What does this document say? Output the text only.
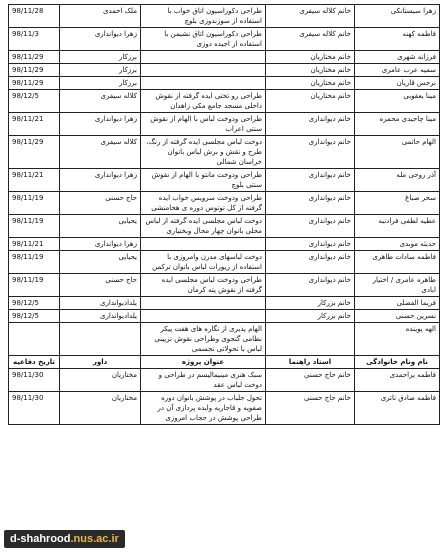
زهرا سیستانکی	خانم کلاله سیفری	طراحی دکوراسیون اتاق خواب با استفاده از سوزندوزی بلوچ	ملک احمدی	98/11/28
فاطمه کهنه	خانم کلاله سیفری	طراحی دکوراسیون اتاق نشیمن با استفاده از اجیده دوزی	زهرا دیوانداری	98/11/3
فرزانه شهری	خانم مختاریان		برزکار	98/11/29
سمیه عرب عامری	خانم مختاریان		برزکار	98/11/29
نرجس قاریان	خانم مختاریان		برزکار	98/11/29
مینا یعقوبی	خانم مختاریان	طراحی رو تختی ایده گرفته از نقوش داخلی مسجد جامع مکی زاهدان	کلاله سیفری	98/12/5
مینا چاجیدی محمره	خانم دیوانداری	طراحی ودوخت لباس با الهام از نقوش سنتی اعراب	زهرا دیوانداری	98/11/21
الهام حاتمی	خانم دیوانداری	دوخت لباس مجلسی ایده گرفته از رنگ، طرح و نقش و برش لباس بانوان خراسان شمالی	کلاله سیفری	98/11/29
آذر روحی مله	خانم دیوانداری	طراحی ودوخت مانتو با الهام از نقوش سنتی بلوچ	زهرا دیوانداری	98/11/21
سحر صباغ	خانم دیوانداری	طراحی ودوخت سرویس خواب ایده گرفته از کل توتوس دوره ی هخامنشی	حاج حسنی	98/11/19
عطیه لطفی فرادنبه	خانم دیوانداری	دوخت لباس مجلسی ایده گرفته از لباس محلی بانوان چهار محال وبختیاری	یحیایی	98/11/19
حدیثه موبدی	خانم دیوانداری		زهرا دیوانداری	98/11/21
فاطمه سادات طاهری	خانم دیوانداری	دوخت لباسهای مدرن وامروزی با استفاده از زیورات لباس بانوان ترکمن	یحیایی	98/11/19
طاهره عامری / اختیار ابادی	خانم دیوانداری	طراحی ودوخت لباس مجلسی ایده گرفته از نقوش پته کرمان	حاج حسنی	98/11/19
فریما الفضلی	خانم بزرکار		یلدادیوانداری	98/12/5
نسرین حسنی	خانم بزرکار		یلدادیوانداری	98/12/5
الهه پوینده		الهام پذیری از نگاره های هفت پیکر نظامی گنجوی وطراحی نقوش تزیینی لباس با تحولاتی تجسمی		
نام ونام خانوادگی	استاد راهنما	عنوان پروژه	داور	تاریخ دفاعیه
فاطمه یراحمدی	خانم حاج حسنی	سبک هنری مینیمالیسم در طراحی و دوخت لباس عقد	مختاریان	98/11/30
فاطمه صادق ناتری	خانم حاج حسنی	تحول جلباب در پوشش بانوان دوره صفویه و قاجاریه وایده پردازی آن در طراحی پوشش در حجاب امروزی	مختاریان	98/11/30
d-shahrood.nus.ac.ir
